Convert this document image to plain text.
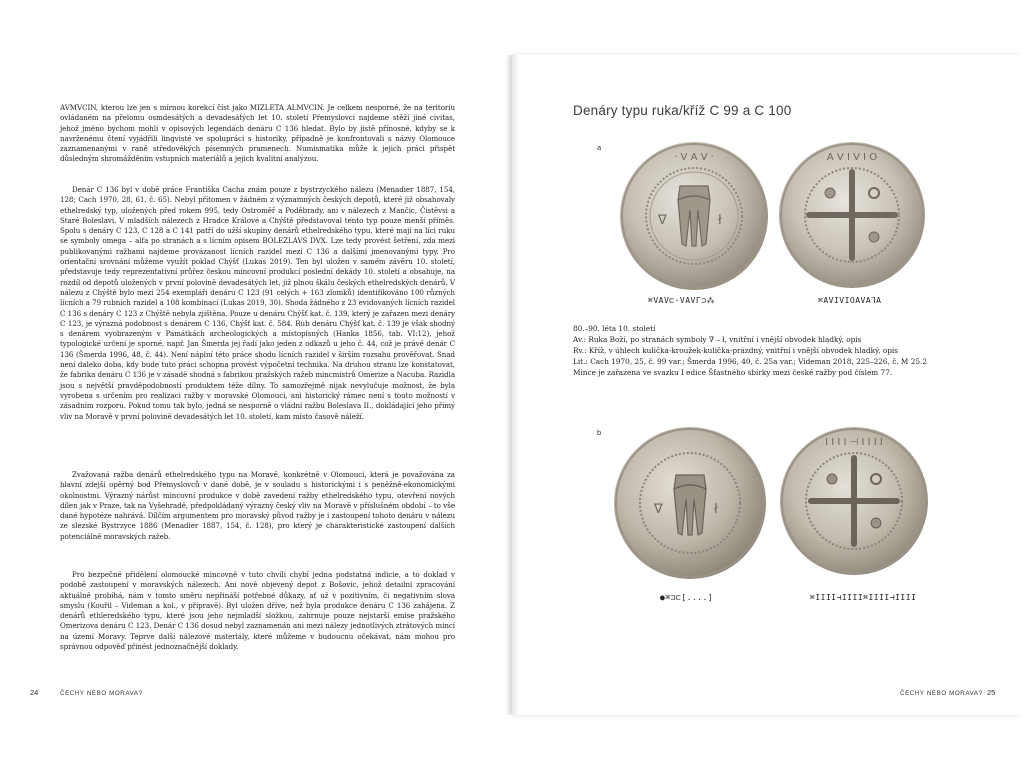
AVMVCIN, kterou lze jen s mírnou korekcí číst jako MIZLETA ALMVCIN. Je celkem nesporné, že na teritoriu ovládaném na přelomu osmdesátých a devadesátých let 10. století Přemyslovci najdeme stěží jiné civitas, jehož jméno bychom mohli v opisových legendách denáru C 136 hledat. Bylo by jistě přínosné, kdyby se k navrženému čtení vyjádřili lingvisté ve spolupráci s historiky, případně je konfrontovali s názvy Olomouce zaznamenanými v raně středověkých písemných pramenech. Numismatika může k jejich práci přispět důsledným shromážděním vstupních materiálů a jejich kvalitní analýzou.

Denár C 136 byl v době práce Františka Cacha znám pouze z bystrzyckého nálezu (Menadier 1887, 154, 128; Cach 1970, 28, 61, č. 65). Nebyl přítomen v žádném z významných českých depotů, které již obsahovaly ethelredský typ, uložených před rokem 995, tedy Ostroměř a Poděbrady, ani v nálezech z Mančic, Čistěvsi a Staré Boleslavi. V mladších nálezech z Hradce Králové a Chýště představoval tento typ pouze menší příměs. Spolu s denáry C 123, C 128 a C 141 patří do užší skupiny denárů ethelredského typu, které mají na líci ruku se symboly omega – alfa po stranách a s lícním opisem BOLEZLAVS DVX. Lze tedy provést šetření, zda mezi publikovanými ražbami najdeme provázanost lícních razidel mezi C 136 a dalšími jmenovanými typy. Pro orientační srovnání můžeme využít poklad Chýšť (Lukas 2019). Ten byl uložen v samém závěru 10. století, představuje tedy reprezentativní průřez českou mincovní produkcí poslední dekády 10. století a obsahuje, na rozdíl od depotů uložených v první polovině devadesátých let, již plnou škálu českých ethelredských denárů. V nálezu z Chýště bylo mezi 254 exempláři denáru C 123 (91 celých + 163 zlomků) identifikováno 100 různých lícních a 79 rubních razidel a 108 kombinací (Lukas 2019, 30). Shoda žádného z 23 evidovaných lícních razidel C 136 s denáry C 123 z Chýště nebyla zjištěna. Pouze u denáru Chýšť kat. č. 139, který je zařazen mezi denáry C 123, je výrazná podobnost s denárem C 136, Chýšť kat. č. 584. Rub denáru Chýšť kat. č. 139 je však shodný s denárem vyobrazeným v Památkách archeologických a místopisných (Hanka 1856, tab. VI:12), jehož typologické určení je sporné, např. Jan Šmerda jej řadí jako jeden z odkazů u jeho č. 44, což je právě denár C 136 (Šmerda 1996, 48, č. 44). Není náplní této práce shodu lícních razidel v širším rozsahu prověřovat. Snad není daleko doba, kdy bude tuto práci schopna provést výpočetní technika. Na druhou stranu lze konstatovat, že fabrika denáru C 136 je v zásadě shodná s fabrikou pražských ražeb mincmistrů Omerize a Nacuba. Razidla jsou s největší pravděpodobností produktem téže dílny. To samozřejmě nijak nevylučuje možnost, že byla vyrobena s určením pro realizaci ražby v moravské Olomouci, ani historický rámec není s touto možností v zásadním rozporu. Pokud tomu tak bylo, jedná se nesporně o vládní ražbu Boleslava II., dokládající jeho přímý vliv na Moravě v první polovině devadesátých let 10. století, kam místo časově náleží.

Zvažovaná ražba denárů ethelredského typu na Moravě, konkrétně v Olomouci, která je považována za hlavní zdejší opěrný bod Přemyslovců v dané době, je v souladu s historickými i s peněžně-ekonomickými okolnostmi. Výrazný nárůst mincovní produkce v době zavedení ražby ethelredského typu, otevření nových dílen jak v Praze, tak na Vyšehradě, předpokládaný výrazný český vliv na Moravě v příslušném období – to vše dané hypotéze nahrává. Dílčím argumentem pro moravský původ ražby je i zastoupení tohoto denáru v nálezu ze slezské Bystrzyce 1886 (Menadier 1887, 154, č. 128), pro který je charakteristické zastoupení dalších potenciálně moravských ražeb.

Pro bezpečné přidělení olomoucké mincovně v tuto chvíli chybí jedna podstatná indicie, a to doklad v podobě zastoupení v moravských nálezech. Ani nově objevený depot z Bošovic, jehož detailní zpracování aktuálně probíhá, nám v tomto směru nepřináší potřebné důkazy, ať už v pozitivním, či negativním slova smyslu (Kouřil – Videman a kol., v přípravě). Byl uložen dříve, než byla produkce denáru C 136 zahájena. Z denárů ethleredského typu, které jsou jeho nejmladší složkou, zahrnuje pouze nejstarší emise pražského Omerizova denáru C 123. Denár C 136 dosud nebyl zaznamenán ani mezi nálezy jednotlivých ztrátových mincí na území Moravy. Teprve další nálezové materiály, které můžeme v budoucnu očekávat, nám mohou pro správnou odpověď přinést jednoznačnější doklady.

24	ČECHY NEBO MORAVA?
Denáry typu ruka/kříž C 99 a C 100
a
∇	ł
· V A V ·	A V I V I O
⌘VAV⊏·VAVΓ⊐⁂	⌘AVIVIOAVAꓶA

80.–90. léta 10. století

Av.: Ruka Boží, po stranách symboly ∇̄ – ł, vnitřní i vnější obvodek hladký, opis

Rv.: Kříž, v úhlech kulička-kroužek-kulička-prázdný, vnitřní i vnější obvodek hladký, opis

Lit.: Cach 1970, 25, č. 99 var.; Šmerda 1996, 40, č. 25a var.; Videman 2018, 225–226, č. M 25.2

Mince je zařazena ve svazku I edice Šťastného sbírky mezi české ražby pod číslem 77.

b
∇	ł
I I I I ⊣ I I I I
●⌘⊐⊏[....]	⌘IIII⊣IIII⌘IIII⊣IIII
ČECHY NEBO MORAVA? 25
